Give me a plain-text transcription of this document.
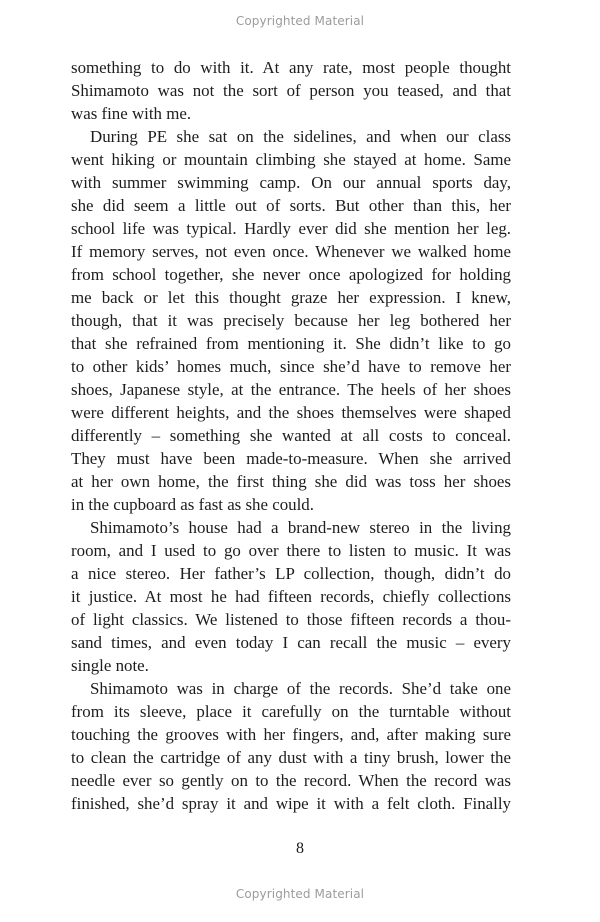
Copyrighted Material
something to do with it. At any rate, most people thought
Shimamoto was not the sort of person you teased, and that
was fine with me.
During PE she sat on the sidelines, and when our class
went hiking or mountain climbing she stayed at home. Same
with summer swimming camp. On our annual sports day,
she did seem a little out of sorts. But other than this, her
school life was typical. Hardly ever did she mention her leg.
If memory serves, not even once. Whenever we walked home
from school together, she never once apologized for holding
me back or let this thought graze her expression. I knew,
though, that it was precisely because her leg bothered her
that she refrained from mentioning it. She didn’t like to go
to other kids’ homes much, since she’d have to remove her
shoes, Japanese style, at the entrance. The heels of her shoes
were different heights, and the shoes themselves were shaped
differently – something she wanted at all costs to conceal.
They must have been made-to-measure. When she arrived
at her own home, the first thing she did was toss her shoes
in the cupboard as fast as she could.
Shimamoto’s house had a brand-new stereo in the living
room, and I used to go over there to listen to music. It was
a nice stereo. Her father’s LP collection, though, didn’t do
it justice. At most he had fifteen records, chiefly collections
of light classics. We listened to those fifteen records a thou-
sand times, and even today I can recall the music – every
single note.
Shimamoto was in charge of the records. She’d take one
from its sleeve, place it carefully on the turntable without
touching the grooves with her fingers, and, after making sure
to clean the cartridge of any dust with a tiny brush, lower the
needle ever so gently on to the record. When the record was
finished, she’d spray it and wipe it with a felt cloth. Finally
8
Copyrighted Material
